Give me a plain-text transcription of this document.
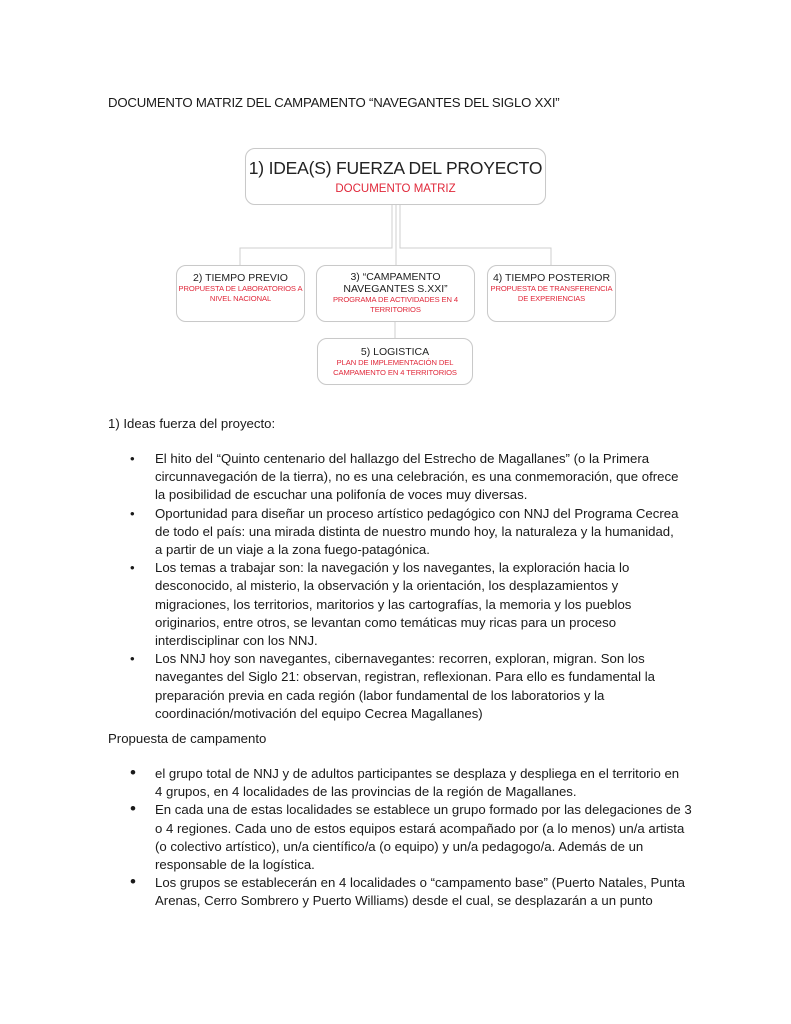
DOCUMENTO MATRIZ DEL CAMPAMENTO “NAVEGANTES DEL SIGLO XXI”
1) IDEA(S) FUERZA DEL PROYECTO
DOCUMENTO MATRIZ
2) TIEMPO PREVIO
PROPUESTA DE LABORATORIOS A NIVEL NACIONAL
3) “CAMPAMENTO NAVEGANTES S.XXI”
PROGRAMA DE ACTIVIDADES EN 4 TERRITORIOS
4) TIEMPO POSTERIOR
PROPUESTA DE TRANSFERENCIA DE EXPERIENCIAS
5) LOGISTICA
PLAN DE IMPLEMENTACIÓN DEL CAMPAMENTO EN 4 TERRITORIOS
1) Ideas fuerza del proyecto:
• El hito del “Quinto centenario del hallazgo del Estrecho de Magallanes” (o la Primera
circunnavegación de la tierra), no es una celebración, es una conmemoración, que ofrece
la posibilidad de escuchar una polifonía de voces muy diversas.
• Oportunidad para diseñar un proceso artístico pedagógico con NNJ del Programa Cecrea
de todo el país: una mirada distinta de nuestro mundo hoy, la naturaleza y la humanidad,
a partir de un viaje a la zona fuego-patagónica.
• Los temas a trabajar son: la navegación y los navegantes, la exploración hacia lo
desconocido, al misterio, la observación y la orientación, los desplazamientos y
migraciones, los territorios, maritorios y las cartografías, la memoria y los pueblos
originarios, entre otros, se levantan como temáticas muy ricas para un proceso
interdisciplinar con los NNJ.
• Los NNJ hoy son navegantes, cibernavegantes: recorren, exploran, migran. Son los
navegantes del Siglo 21: observan, registran, reflexionan. Para ello es fundamental la
preparación previa en cada región (labor fundamental de los laboratorios y la
coordinación/motivación del equipo Cecrea Magallanes)
Propuesta de campamento
• el grupo total de NNJ y de adultos participantes se desplaza y despliega en el territorio en
4 grupos, en 4 localidades de las provincias de la región de Magallanes.
• En cada una de estas localidades se establece un grupo formado por las delegaciones de 3
o 4 regiones. Cada uno de estos equipos estará acompañado por (a lo menos) un/a artista
(o colectivo artístico), un/a científico/a (o equipo) y un/a pedagogo/a. Además de un
responsable de la logística.
• Los grupos se establecerán en 4 localidades o “campamento base” (Puerto Natales, Punta
Arenas, Cerro Sombrero y Puerto Williams) desde el cual, se desplazarán a un punto
